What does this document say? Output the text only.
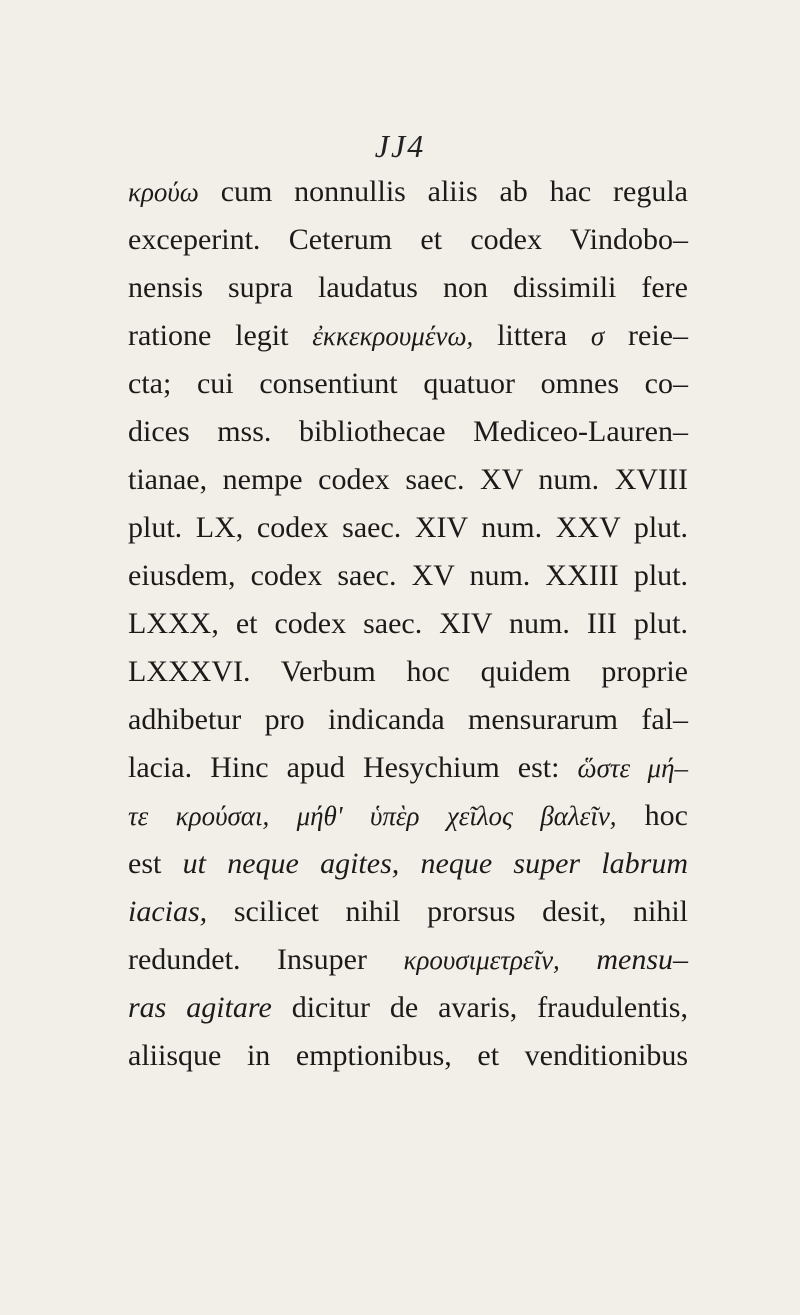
JJ4
κρούω cum nonnullis aliis ab hac regula
exceperint. Ceterum et codex Vindobo–
nensis supra laudatus non dissimili fere
ratione legit ἐκκεκρουμένω, littera σ reie–
cta; cui consentiunt quatuor omnes co–
dices mss. bibliothecae Mediceo-Lauren–
tianae, nempe codex saec. XV num. XVIII
plut. LX, codex saec. XIV num. XXV plut.
eiusdem, codex saec. XV num. XXIII plut.
LXXX, et codex saec. XIV num. III plut.
LXXXVI. Verbum hoc quidem proprie
adhibetur pro indicanda mensurarum fal–
lacia. Hinc apud Hesychium est: ὥστε μή–
τε κρούσαι, μήθ' ὑπὲρ χεῖλος βαλεῖν, hoc
est ut neque agites, neque super labrum
iacias, scilicet nihil prorsus desit, nihil
redundet. Insuper κρουσιμετρεῖν, mensu–
ras agitare dicitur de avaris, fraudulentis,
aliisque in emptionibus, et venditionibus
